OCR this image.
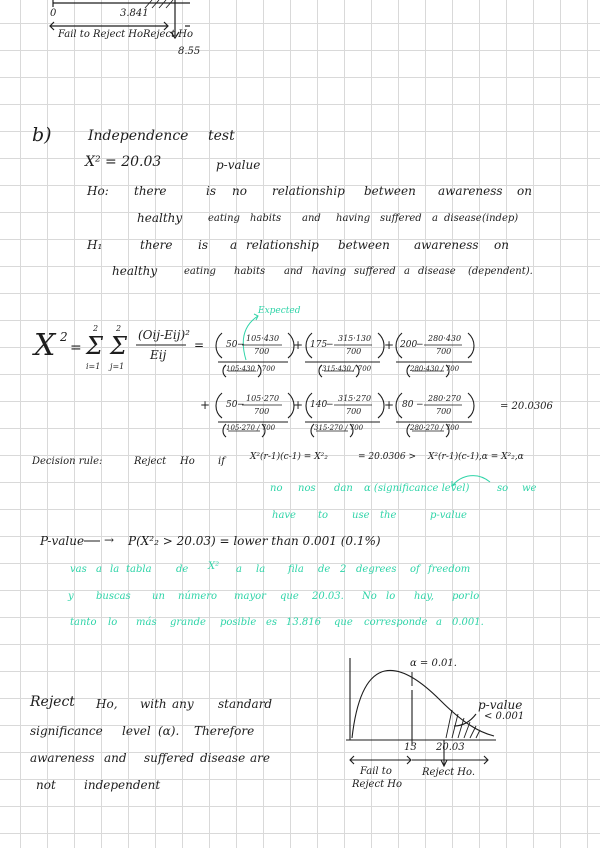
0	3.841
Fail to Reject Ho Reject Ho
8.55
b)	Independence test
X² = 20.03	p-value
Ho: there	is no relationship between awareness on
healthy	eating habits and having suffered a disease (indep)
H₁	there is a relationship between awareness on
healthy	eating habits and having suffered a disease (dependent).
X 2
= Σ
2
i=1
Σ
2
j=1
(Oij-Eij)²
Eij
=
Expected
50 −
105·430
700
105·430 / 700
+ 175
−
315·130
700
315·430 / 700
+ 200
−
280·430
700
280·430 / 700
+ 50 −
105·270
700
105·270 / 700
+ 140
−
315·270
700
315·270 / 700
+ 80 −
280·270
700
280·270 / 700
= 20.0306
Decision rule:	Reject Ho if	X²(r-1)(c-1) = X²₂	= 20.0306 > X²(r-1)(c-1),α = X²₂,α
no nos dan α (significance level)	so we
have to use the	p-value
P-value → P(X²₂ > 20.03) = lower than 0.001 (0.1%)
vas a la tabla de X² a la fila de 2 degrees of freedom
y buscas un número mayor que 20.03. No lo hay, por lo
tanto lo más grande posible es 13.816 que corresponde a 0.001.
Reject Ho, with any standard
significance level (α). Therefore
awareness and suffered disease are
not independent
α = 0.01.
p-value
< 0.001
13 20.03
Fail to
Reject Ho
Reject Ho.
